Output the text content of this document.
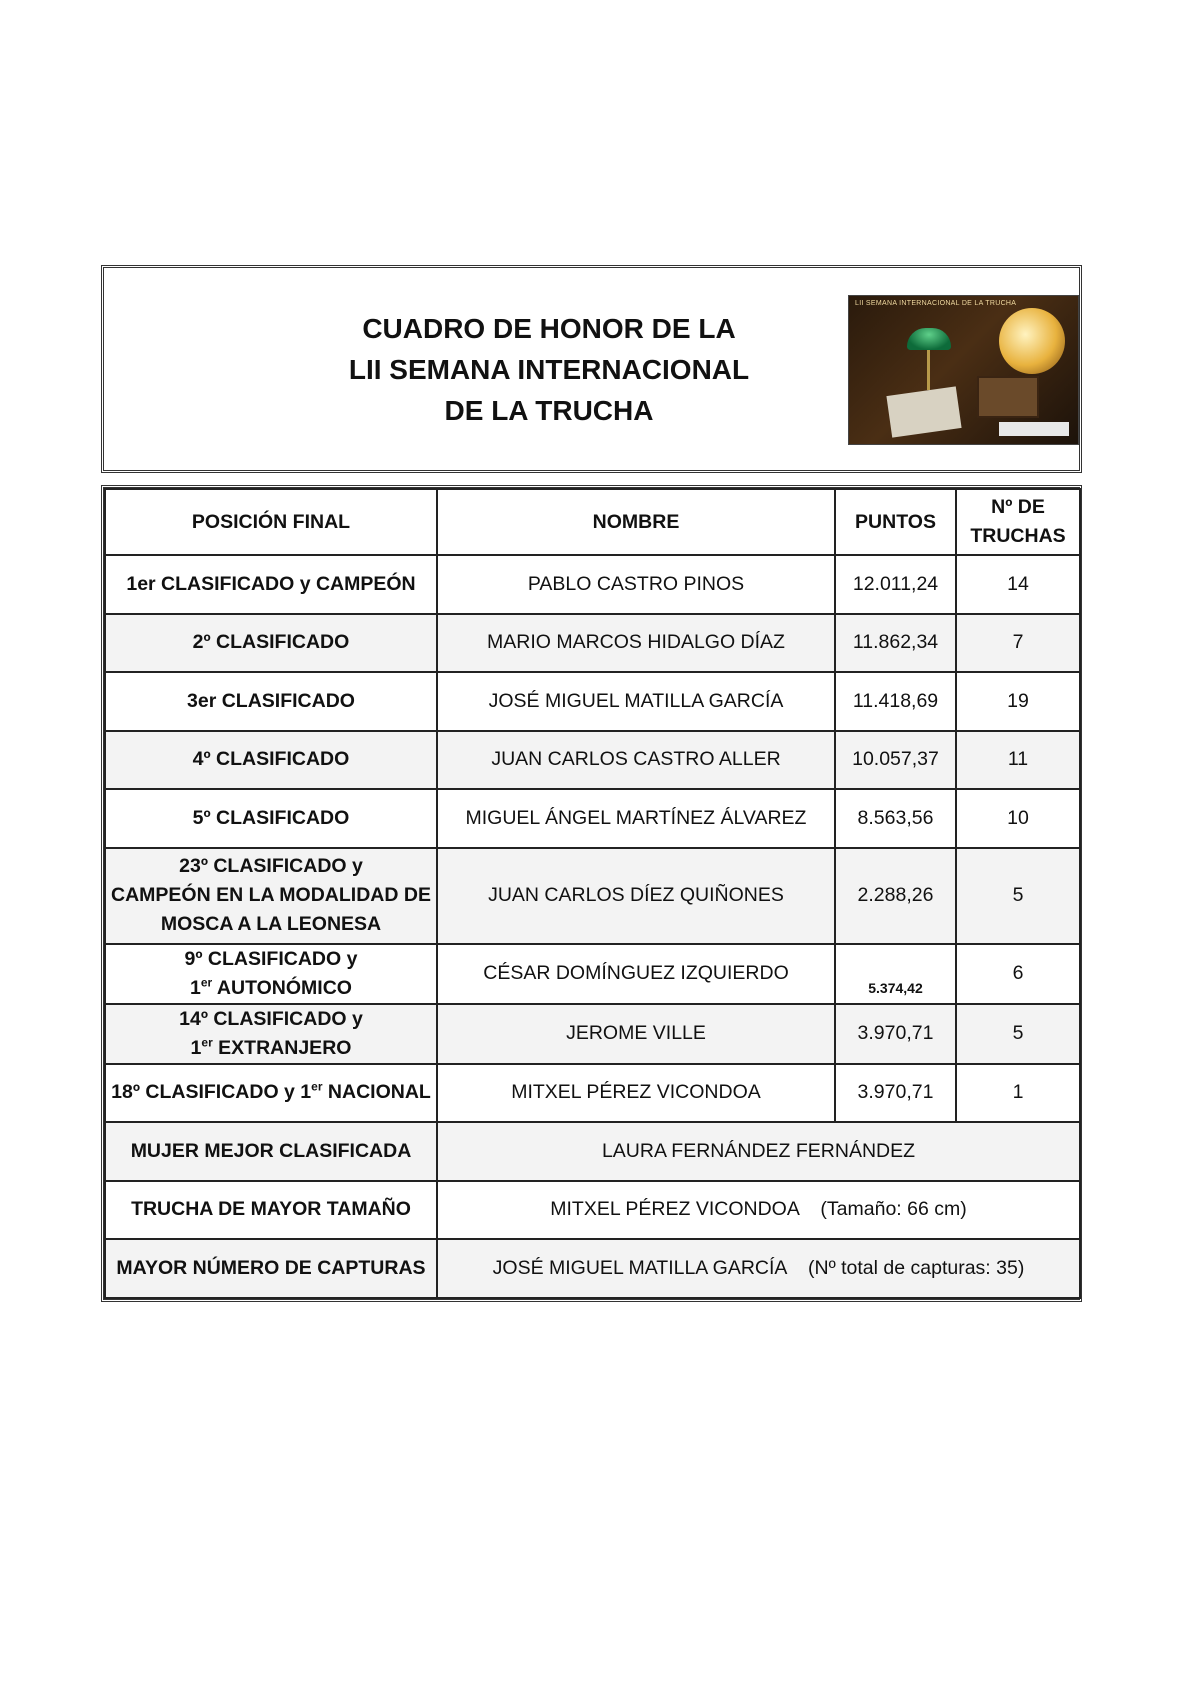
CUADRO DE HONOR DE LA
LII SEMANA INTERNACIONAL
DE LA TRUCHA
LII SEMANA INTERNACIONAL DE LA TRUCHA
POSICIÓN FINAL	NOMBRE	PUNTOS	Nº DE TRUCHAS
1er CLASIFICADO y CAMPEÓN	PABLO CASTRO PINOS	12.011,24	14
2º CLASIFICADO	MARIO MARCOS HIDALGO DÍAZ	11.862,34	7
3er CLASIFICADO	JOSÉ MIGUEL MATILLA GARCÍA	11.418,69	19
4º CLASIFICADO	JUAN CARLOS CASTRO ALLER	10.057,37	11
5º CLASIFICADO	MIGUEL ÁNGEL MARTÍNEZ ÁLVAREZ	8.563,56	10

23º CLASIFICADO y
CAMPEÓN EN LA MODALIDAD DE
MOSCA A LA LEONESA	JUAN CARLOS DÍEZ QUIÑONES	2.288,26	5

9º CLASIFICADO y
1er AUTONÓMICO	CÉSAR DOMÍNGUEZ IZQUIERDO	5.374,42	6

14º CLASIFICADO y
1er EXTRANJERO	JEROME VILLE	3.970,71	5
18º CLASIFICADO y 1er NACIONAL	MITXEL PÉREZ VICONDOA	3.970,71	1
MUJER MEJOR CLASIFICADA	LAURA FERNÁNDEZ FERNÁNDEZ		
TRUCHA DE MAYOR TAMAÑO	MITXEL PÉREZ VICONDOA    (Tamaño: 66 cm)		
MAYOR NÚMERO DE CAPTURAS	JOSÉ MIGUEL MATILLA GARCÍA    (Nº total de capturas: 35)		
